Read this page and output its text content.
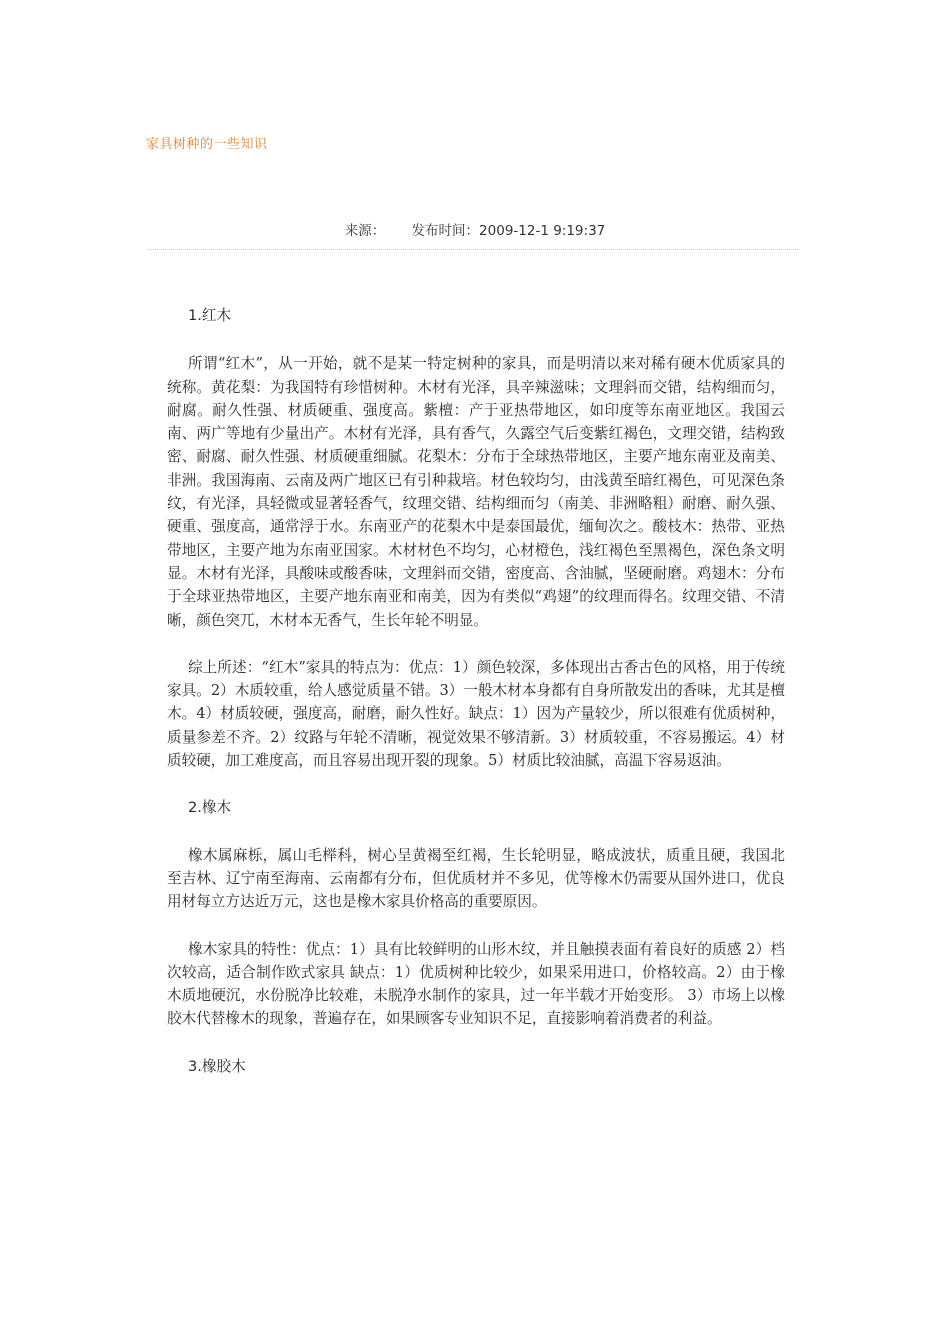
家具树种的一些知识
来源： 发布时间：2009-12-1 9:19:37

1.红木

所谓“红木”，从一开始，就不是某一特定树种的家具，而是明清以来对稀有硬木优质家具的统称。黄花梨：为我国特有珍惜树种。木材有光泽，具辛辣滋味；文理斜而交错，结构细而匀，耐腐。耐久性强、材质硬重、强度高。紫檀：产于亚热带地区，如印度等东南亚地区。我国云南、两广等地有少量出产。木材有光泽，具有香气，久露空气后变紫红褐色，文理交错，结构致密、耐腐、耐久性强、材质硬重细腻。花梨木：分布于全球热带地区，主要产地东南亚及南美、非洲。我国海南、云南及两广地区已有引种栽培。材色较均匀，由浅黄至暗红褐色，可见深色条纹，有光泽，具轻微或显著轻香气，纹理交错、结构细而匀（南美、非洲略粗）耐磨、耐久强、硬重、强度高，通常浮于水。东南亚产的花梨木中是泰国最优，缅甸次之。酸枝木：热带、亚热带地区，主要产地为东南亚国家。木材材色不均匀，心材橙色，浅红褐色至黑褐色，深色条文明显。木材有光泽，具酸味或酸香味，文理斜而交错，密度高、含油腻，坚硬耐磨。鸡翅木：分布于全球亚热带地区，主要产地东南亚和南美，因为有类似“鸡翅”的纹理而得名。纹理交错、不清晰，颜色突兀，木材本无香气，生长年轮不明显。

综上所述：“红木”家具的特点为：优点：1）颜色较深，多体现出古香古色的风格，用于传统家具。2）木质较重，给人感觉质量不错。3）一般木材本身都有自身所散发出的香味，尤其是檀木。4）材质较硬，强度高，耐磨，耐久性好。缺点：1）因为产量较少，所以很难有优质树种，质量参差不齐。2）纹路与年轮不清晰，视觉效果不够清新。3）材质较重，不容易搬运。4）材质较硬，加工难度高，而且容易出现开裂的现象。5）材质比较油腻，高温下容易返油。

2.橡木

橡木属麻栎，属山毛榉科，树心呈黄褐至红褐，生长轮明显，略成波状，质重且硬，我国北至吉林、辽宁南至海南、云南都有分布，但优质材并不多见，优等橡木仍需要从国外进口，优良用材每立方达近万元，这也是橡木家具价格高的重要原因。

橡木家具的特性：优点：1）具有比较鲜明的山形木纹，并且触摸表面有着良好的质感 2）档次较高，适合制作欧式家具 缺点：1）优质树种比较少，如果采用进口，价格较高。2）由于橡木质地硬沉，水份脱净比较难，未脱净水制作的家具，过一年半载才开始变形。 3）市场上以橡胶木代替橡木的现象，普遍存在，如果顾客专业知识不足，直接影响着消费者的利益。

3.橡胶木
